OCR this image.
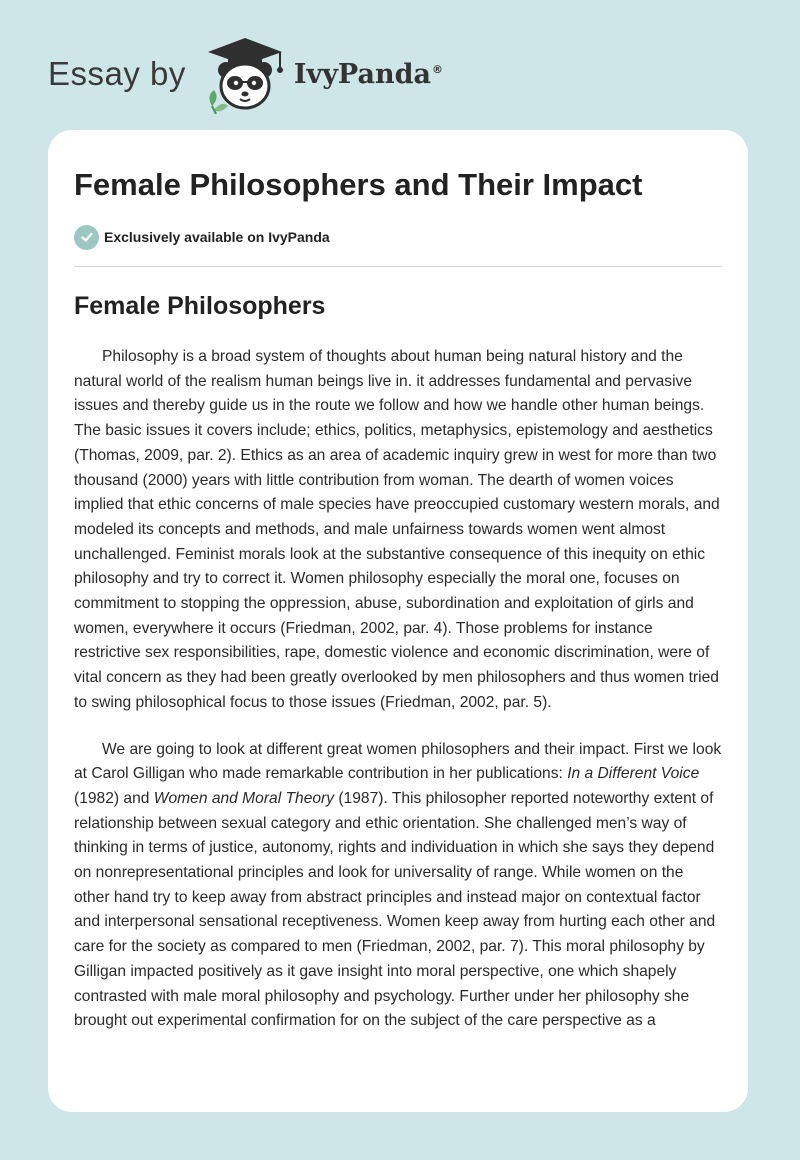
Essay by	IvyPanda®
Female Philosophers and Their Impact
Exclusive​ly available on IvyPanda
Female Philosophers

Philosophy is a broad system of thoughts about human being natural history and the natural world of the realism human beings live in. it addresses fundamental and pervasive issues and thereby guide us in the route we follow and how we handle other human beings. The basic issues it covers include; ethics, politics, metaphysics, epistemology and aesthetics (Thomas, 2009, par. 2). Ethics as an area of academic inquiry grew in west for more than two thousand (2000) years with little contribution from woman. The dearth of women voices implied that ethic concerns of male species have preoccupied customary western morals, and modeled its concepts and methods, and male unfairness towards women went almost unchallenged. Feminist morals look at the substantive consequence of this inequity on ethic philosophy and try to correct it. Women philosophy especially the moral one, focuses on commitment to stopping the oppression, abuse, subordination and exploitation of girls and women, everywhere it occurs (Friedman, 2002, par. 4). Those problems for instance restrictive sex responsibilities, rape, domestic violence and economic discrimination, were of vital concern as they had been greatly overlooked by men philosophers and thus women tried to swing philosophical focus to those issues (Friedman, 2002, par. 5).

We are going to look at different great women philosophers and their impact. First we look at Carol Gilligan who made remarkable contribution in her publications: In a Different Voice (1982) and Women and Moral Theory (1987). This philosopher reported noteworthy extent of relationship between sexual category and ethic orientation. She challenged men’s way of thinking in terms of justice, autonomy, rights and individuation in which she says they depend on nonrepresentational principles and look for universality of range. While women on the other hand try to keep away from abstract principles and instead major on contextual factor and interpersonal sensational receptiveness. Women keep away from hurting each other and care for the society as compared to men (Friedman, 2002, par. 7). This moral philosophy by Gilligan impacted positively as it gave insight into moral perspective, one which shapely contrasted with male moral philosophy and psychology. Further under her philosophy she brought out experimental confirmation for on the subject of the care perspective as a
